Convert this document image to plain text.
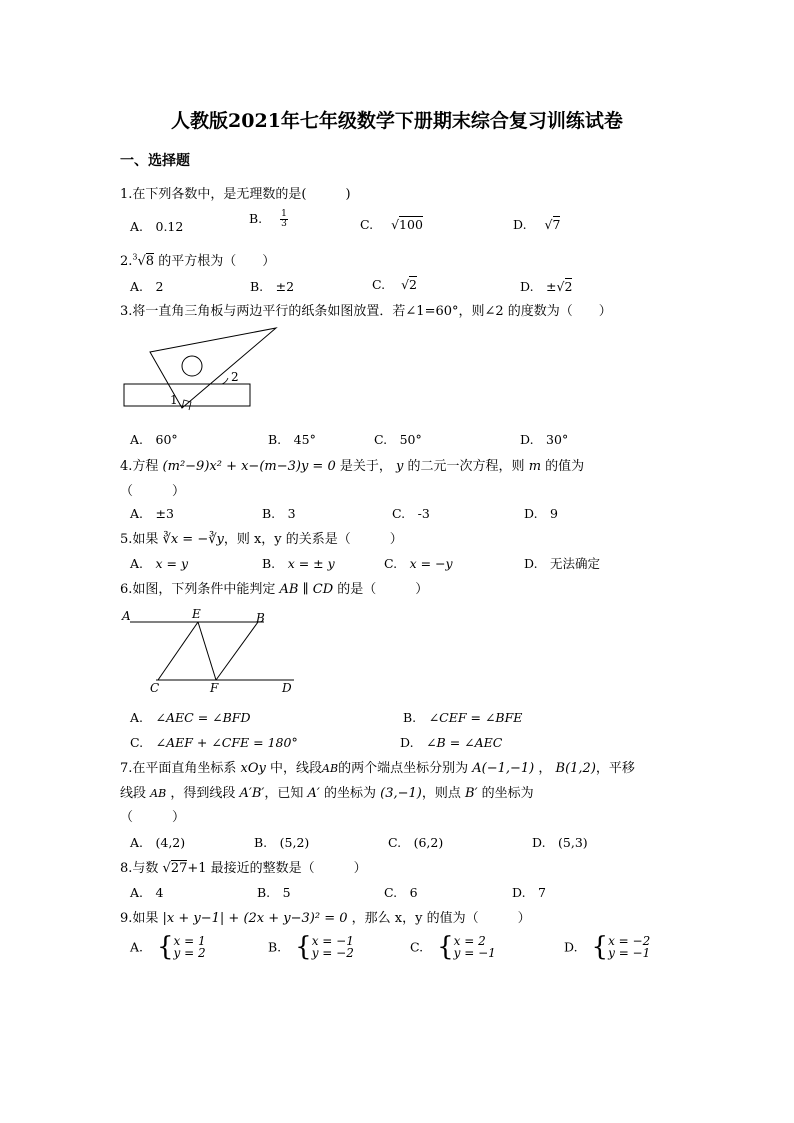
人教版2021年七年级数学下册期末综合复习训练试卷
一、选择题
1.在下列各数中，是无理数的是(　　　)
A.　0.12
B. $\frac{1}{3}$	C. √100	D. √7
2.$^3$√8 的平方根为（　　）
A.　2	B.　±2	C. √2	D.　±√2
3.将一直角三角板与两边平行的纸条如图放置．若∠1=60°，则∠2 的度数为（　　）
1
2
A.　60°	B.　45°	C.　50°	D.　30°
4.方程 (m²−9)x² + x−(m−3)y = 0 是关于， y 的二元一次方程，则 m 的值为
（　　　）
A.　±3	B.　3	C.　-3	D.　9
5.如果 ∛x = −∛y，则 x，y 的关系是（　　　）
A.　 x = y	B.　 x = ± y	C.　 x = −y	D.　无法确定
6.如图，下列条件中能判定 AB ∥ CD 的是（　　　）
A	E	B
C	F	D
A.　 ∠AEC = ∠BFD	B.　 ∠CEF = ∠BFE
C.　 ∠AEF + ∠CFE = 180°	D.　 ∠B = ∠AEC
7.在平面直角坐标系 xOy 中，线段AB的两个端点坐标分别为 A(−1,−1) ， B(1,2)，平移
线段 AB ，得到线段 A′B′，已知 A′ 的坐标为 (3,−1)，则点 B′ 的坐标为
（　　　）
A.　(4,2)	B.　(5,2)	C.　(6,2)	D.　(5,3)
8.与数 √27+1 最接近的整数是（　　　）
A.　4	B.　5	C.　6	D.　7
9.如果 |x + y−1| + (2x + y−3)² = 0 ，那么 x，y 的值为（　　　）
A. { x = 1
y = 2	B. { x = −1
y = −2	C. { x = 2
y = −1	D. { x = −2
y = −1
